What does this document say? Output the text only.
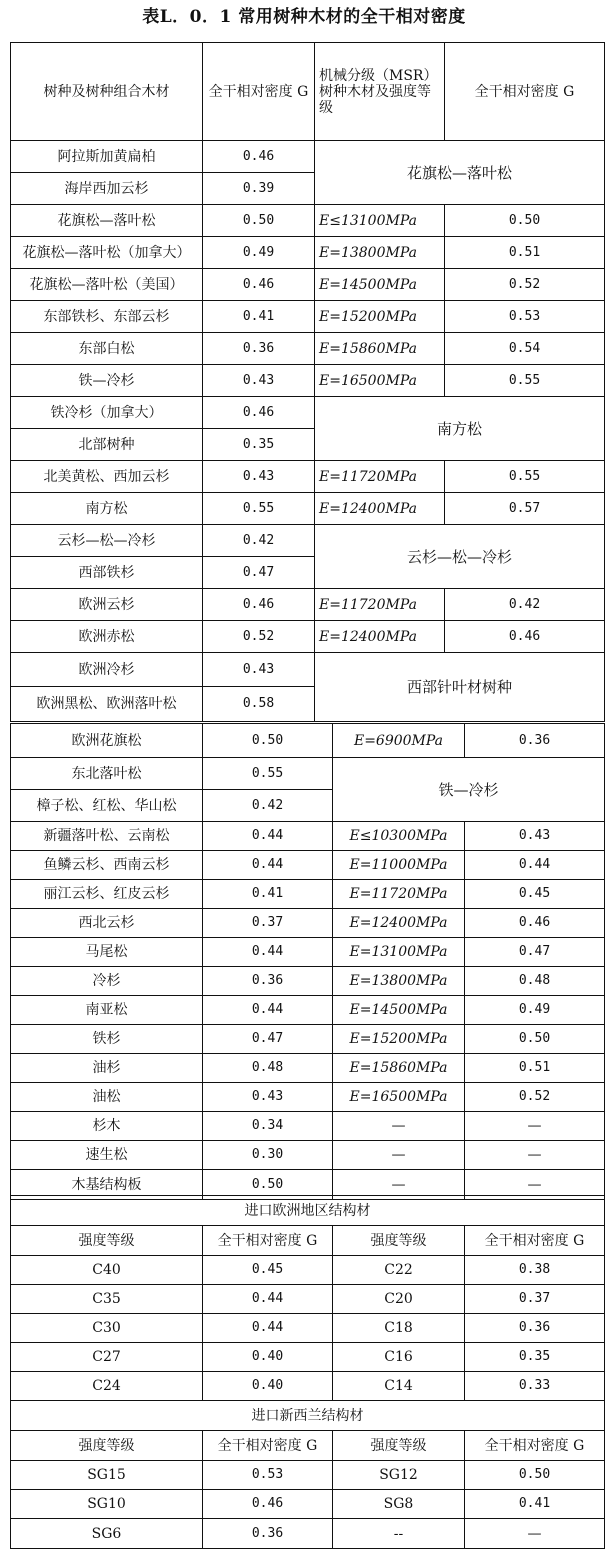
表L．0．1 常用树种木材的全干相对密度
树种及树种组合木材	全干相对密度 G	机械分级（MSR）树种木材及强度等级	全干相对密度 G
阿拉斯加黄扁柏	0.46	花旗松—落叶松	
海岸西加云杉	0.39		
花旗松—落叶松	0.50	E≤13100MPa	0.50
花旗松—落叶松（加拿大）	0.49	E=13800MPa	0.51
花旗松—落叶松（美国）	0.46	E=14500MPa	0.52
东部铁杉、东部云杉	0.41	E=15200MPa	0.53
东部白松	0.36	E=15860MPa	0.54
铁—冷杉	0.43	E=16500MPa	0.55
铁冷杉（加拿大）	0.46	南方松	
北部树种	0.35		
北美黄松、西加云杉	0.43	E=11720MPa	0.55
南方松	0.55	E=12400MPa	0.57
云杉—松—冷杉	0.42	云杉—松—冷杉	
西部铁杉	0.47		
欧洲云杉	0.46	E=11720MPa	0.42
欧洲赤松	0.52	E=12400MPa	0.46
欧洲冷杉	0.43	西部针叶材树种	
欧洲黑松、欧洲落叶松	0.58		
欧洲花旗松	0.50	E=6900MPa	0.36
东北落叶松	0.55	铁—冷杉	
樟子松、红松、华山松	0.42		
新疆落叶松、云南松	0.44	E≤10300MPa	0.43
鱼鳞云杉、西南云杉	0.44	E=11000MPa	0.44
丽江云杉、红皮云杉	0.41	E=11720MPa	0.45
西北云杉	0.37	E=12400MPa	0.46
马尾松	0.44	E=13100MPa	0.47
冷杉	0.36	E=13800MPa	0.48
南亚松	0.44	E=14500MPa	0.49
铁杉	0.47	E=15200MPa	0.50
油杉	0.48	E=15860MPa	0.51
油松	0.43	E=16500MPa	0.52
杉木	0.34	—	—
速生松	0.30	—	—
木基结构板	0.50	—	—
进口欧洲地区结构材			
强度等级	全干相对密度 G	强度等级	全干相对密度 G
C40	0.45	C22	0.38
C35	0.44	C20	0.37
C30	0.44	C18	0.36
C27	0.40	C16	0.35
C24	0.40	C14	0.33
进口新西兰结构材			
强度等级	全干相对密度 G	强度等级	全干相对密度 G
SG15	0.53	SG12	0.50
SG10	0.46	SG8	0.41
SG6	0.36	--	—
